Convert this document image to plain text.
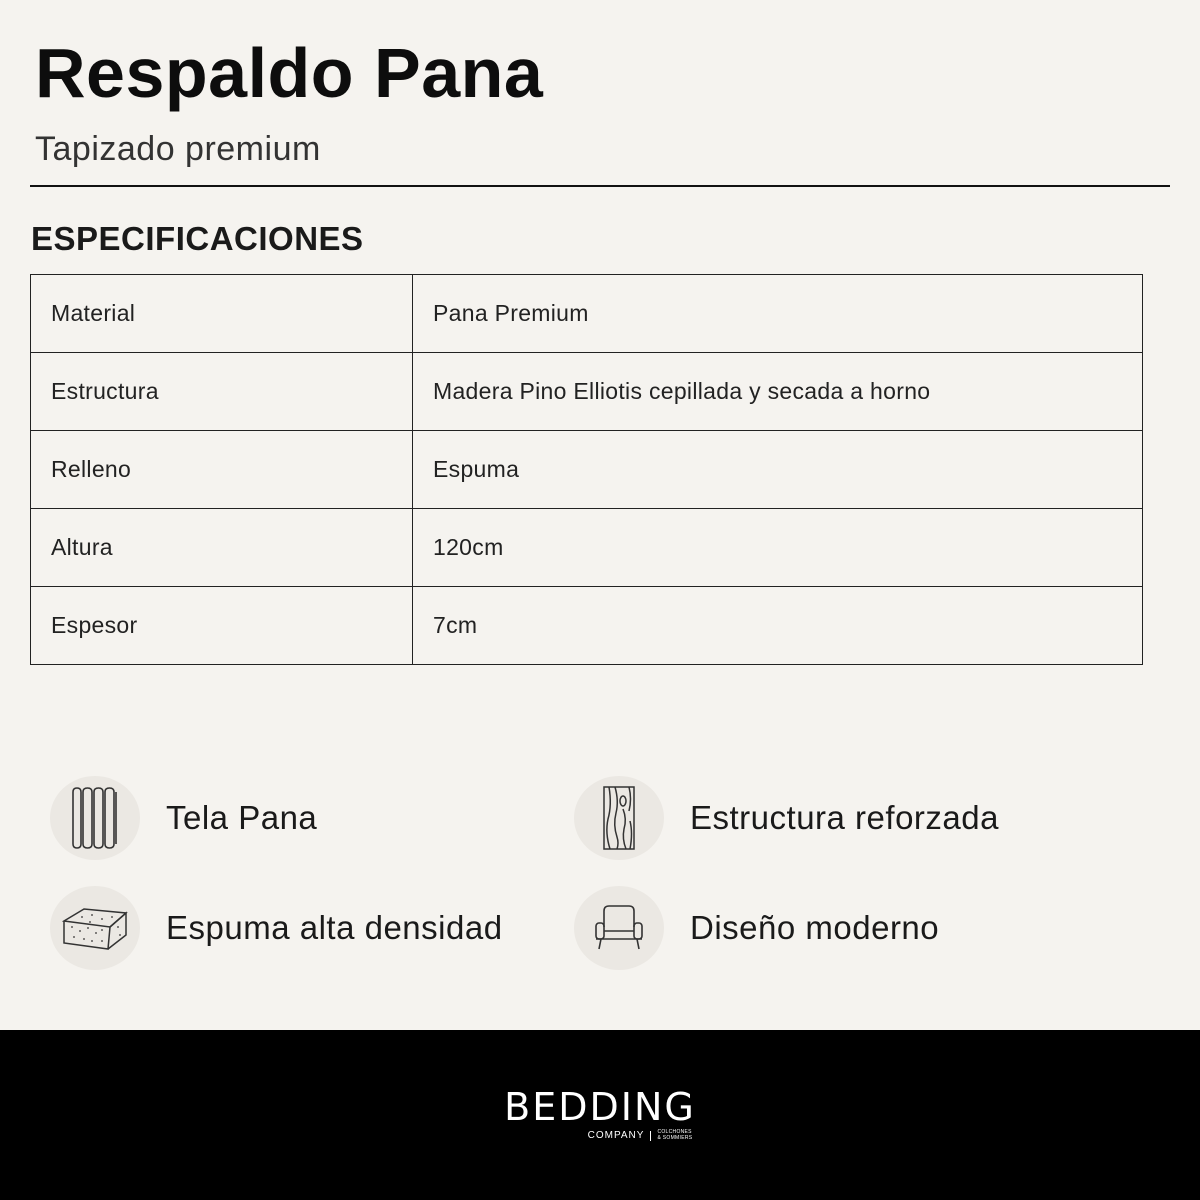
Respaldo Pana

Tapizado premium

ESPECIFICACIONES
Material	Pana Premium
Estructura	Madera Pino Elliotis cepillada y secada a horno
Relleno	Espuma
Altura	120cm
Espesor	7cm
Tela Pana	Estructura reforzada
Espuma alta densidad	Diseño moderno
BEDDING
COMPANY	COLCHONES
& SOMMIERS
